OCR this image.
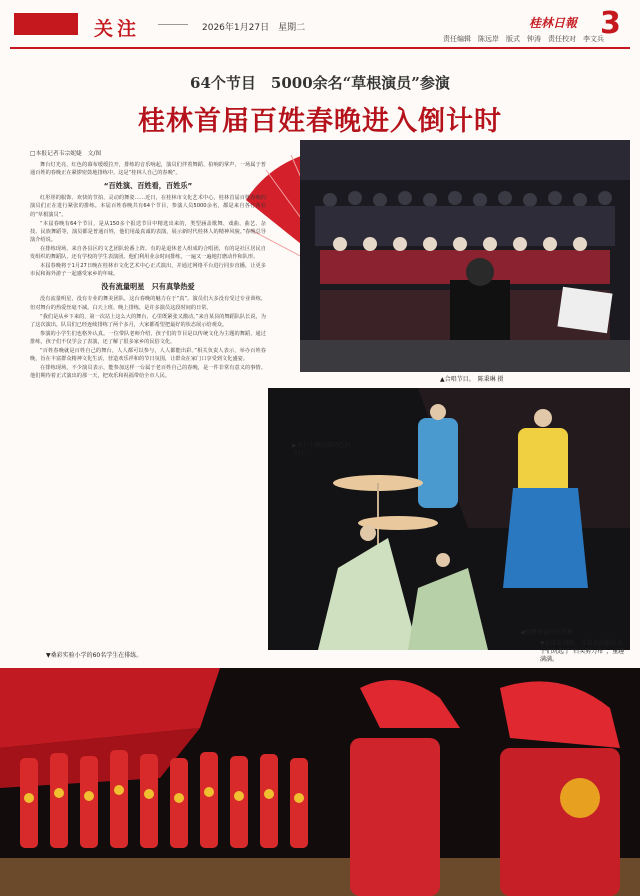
关注	2026年1月27日　星期二	桂林日報 3
责任编辑　陈远岸　版式　钟涛　责任校对　李文兵
64个节目　5000余名“草根演员”参演
桂林首届百姓春晚进入倒计时
□本报记者韦宗妮婕　文/图

舞台灯光亮、红色的幕布缓缓拉开，排练的音乐响起，演员们伴着舞蹈、拍响的掌声，一场属于普通百姓的春晚正在紧锣密鼓地排练中。这是“桂林人自己的春晚”。

“百姓演、百姓看，百姓乐”

红彤彤的服饰、欢快的节拍、灵动的舞姿……近日，在桂林市文化艺术中心，桂林首届百姓春晚的演员们正在进行紧张的排练。本届百姓春晚共有64个节目，参演人员5000余名，都是来自各行各业的“草根演员”。

“本届春晚有64个节目，是从150多个报送节目中精选出来的，类型涵盖歌舞、戏曲、曲艺、杂技、民族舞蹈等，演员都是普通百姓，他们用最真诚的表演，展示新时代桂林人的精神风貌。”春晚总导演介绍说。

在排练现场，来自各县区的文艺团队轮番上阵。有的是退休老人组成的合唱团，有的是社区居民自发组织的舞蹈队，还有学校的学生表演团。他们利用业余时间排练，一遍又一遍地打磨动作和队形。

本届春晚将于1月27日晚在桂林市文化艺术中心正式演出，并通过网络平台进行同步直播，让更多市民和海外游子一起感受家乡的年味。

没有流量明星　只有真挚热爱

没有流量明星，没有专业的舞美团队，这台春晚的魅力在于“真”。演员们大多没有受过专业训练，但对舞台的热爱丝毫不减。白天上班、晚上排练，是许多演员这段时间的日常。

“我们是从乡下来的，第一次站上这么大的舞台，心里既紧张又激动。”来自某县的舞蹈队队长说，为了这次演出，队员们已经连续排练了两个多月，大家都希望把最好的状态展示给观众。

参演的小学生们也格外认真。一位带队老师介绍，孩子们的节目是以传统文化为主题的舞蹈，通过排练，孩子们不仅学会了表演，还了解了很多家乡的民俗文化。

“百姓春晚就是百姓自己的舞台，人人都可以参与，人人都能出彩。”相关负责人表示，举办百姓春晚，旨在丰富群众精神文化生活，营造欢乐祥和的节日氛围，让群众在家门口享受到文化盛宴。

在排练现场，不少演员表示，能参加这样一台属于老百姓自己的春晚，是一件非常有意义的事情。他们期待着正式演出的那一天，把欢乐和祝福带给全市人民。	▲合唱节目。　陈秉琳 摄
▶具有少数民族特色的节目。
◀桐娜多姿的中国舞。
▼在排练间隙，身着表演服的孩子们玩起了“石头剪刀布”，童趣满满。
▼桑彩实验小学的60名学生在排练。
